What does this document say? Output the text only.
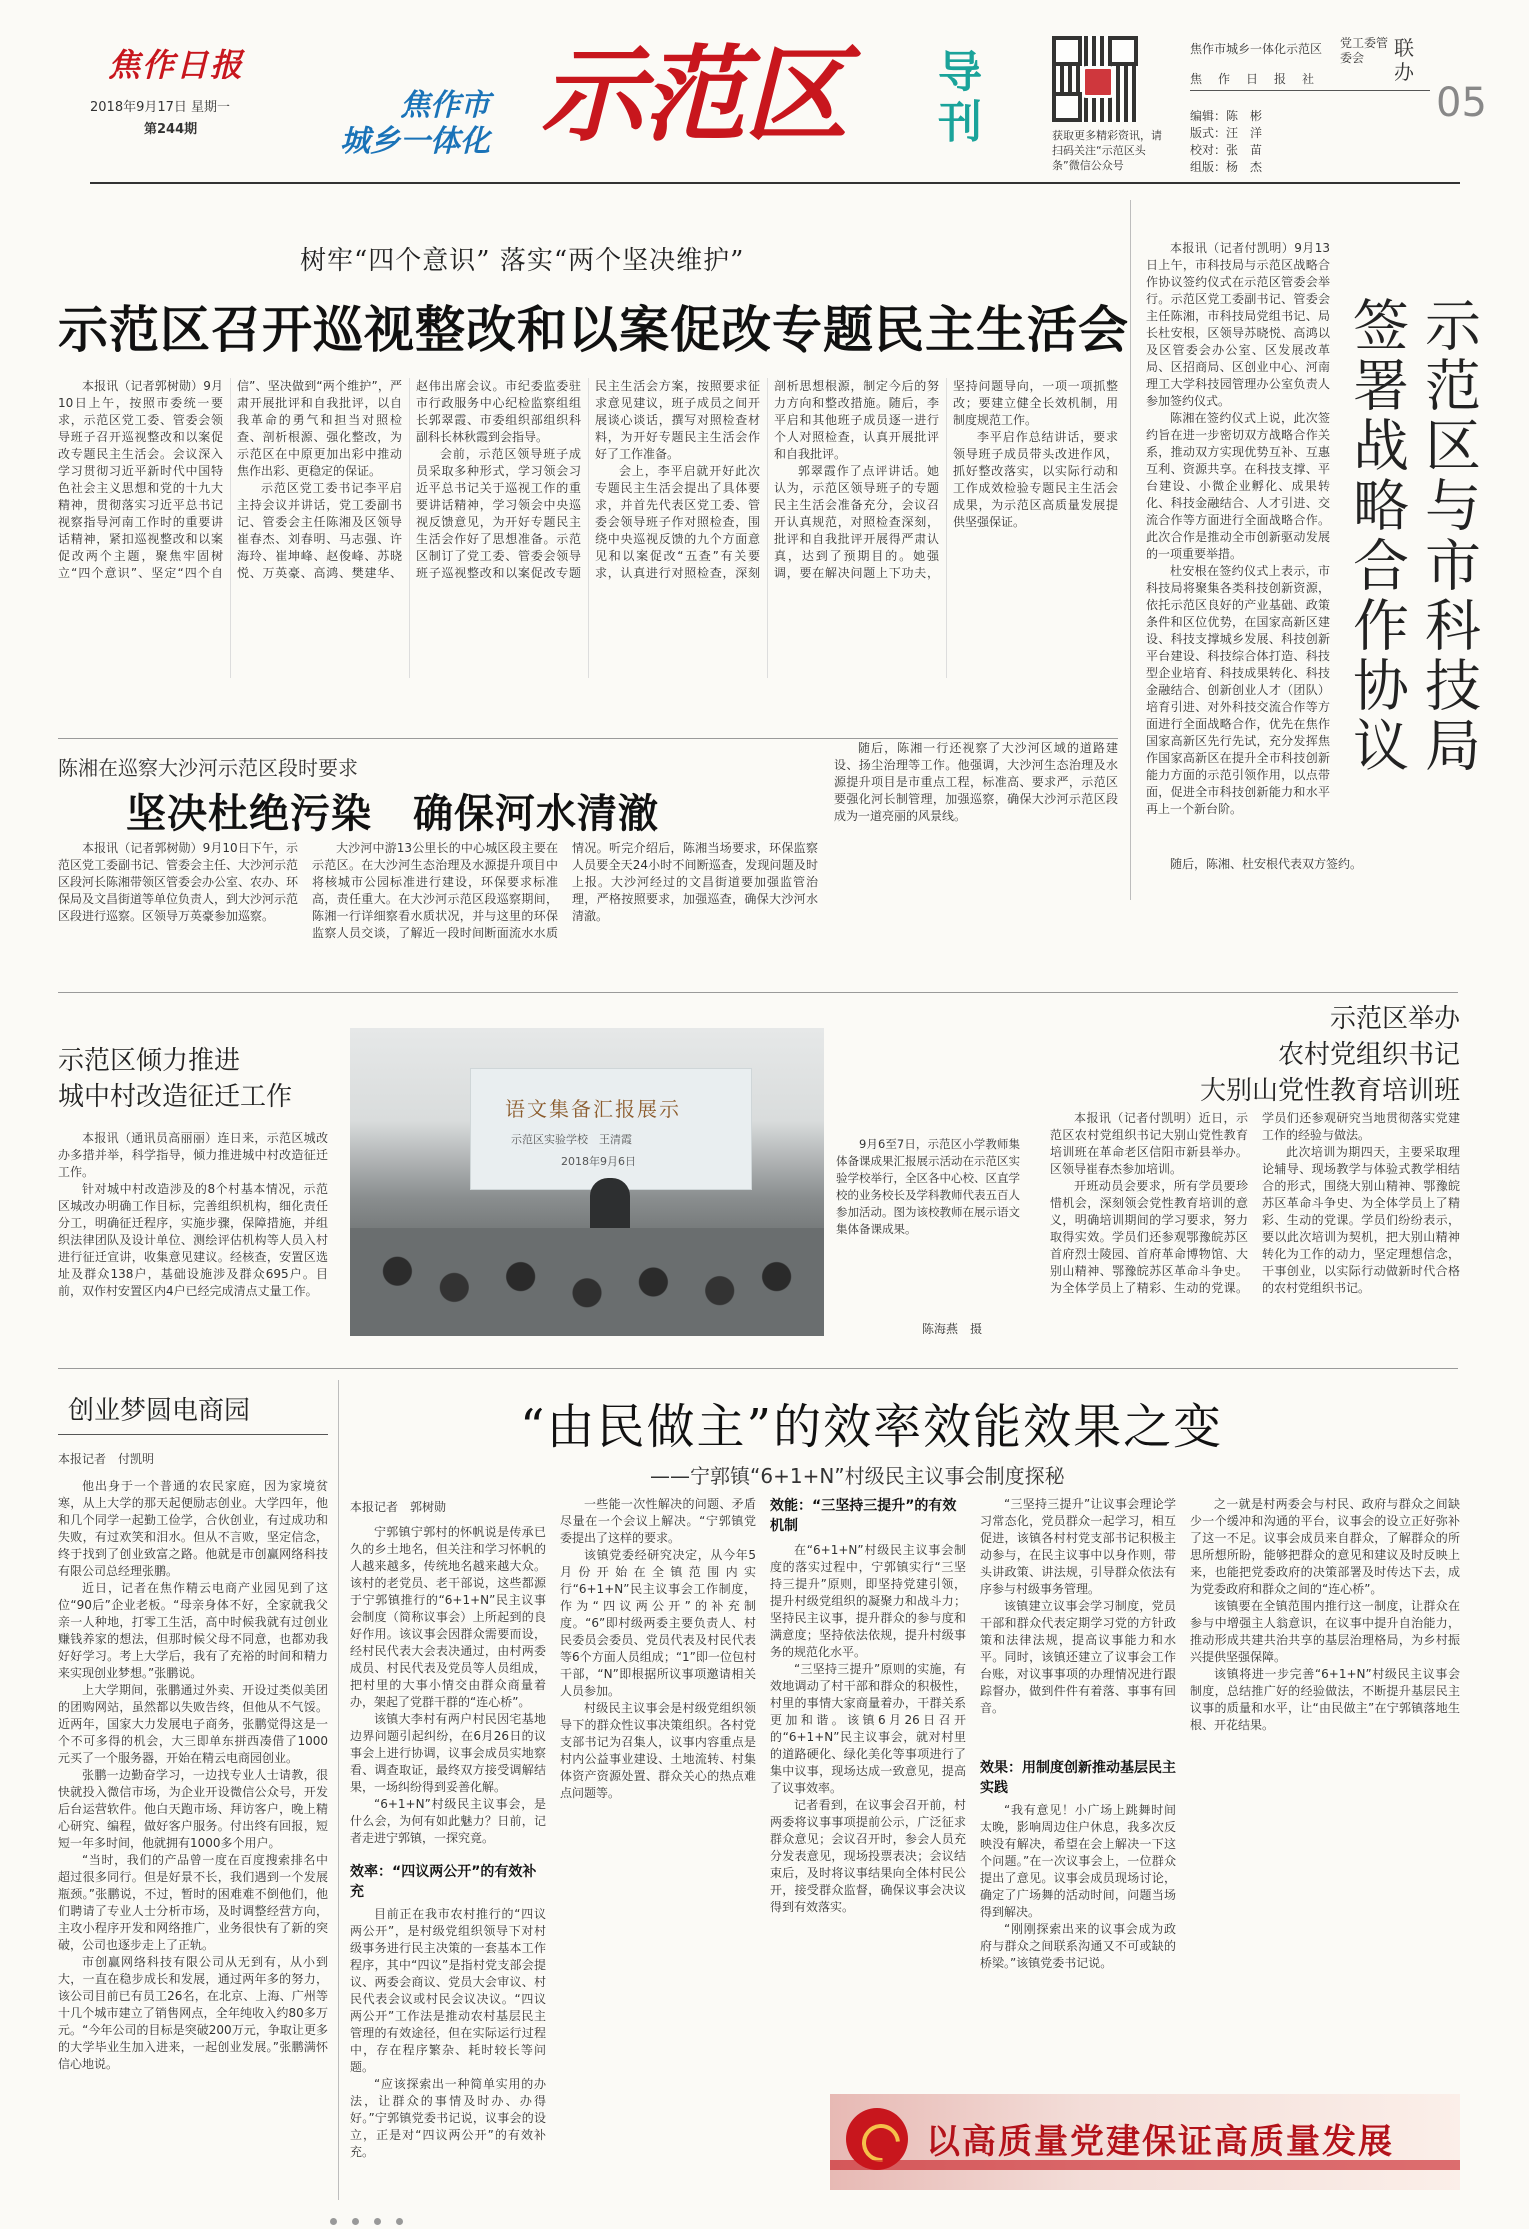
焦作日报
2018年9月17日 星期一
第244期
焦作市
城乡一体化 示范区 导刊	获取更多精彩资讯，请扫码关注“示范区头条”微信公众号
焦作市城乡一体化示范区 党工委管委会
焦　作　日　报　社
联办
05
编辑：陈　彬
版式：汪　洋
校对：张　苗
组版：杨　杰
树牢“四个意识” 落实“两个坚决维护”
示范区召开巡视整改和以案促改专题民主生活会

本报讯（记者郭树勋）9月10日上午，按照市委统一要求，示范区党工委、管委会领导班子召开巡视整改和以案促改专题民主生活会。会议深入学习贯彻习近平新时代中国特色社会主义思想和党的十九大精神，贯彻落实习近平总书记视察指导河南工作时的重要讲话精神，紧扣巡视整改和以案促改两个主题，聚焦牢固树立“四个意识”、坚定“四个自信”、坚决做到“两个维护”，严肃开展批评和自我批评，以自我革命的勇气和担当对照检查、剖析根源、强化整改，为示范区在中原更加出彩中推动焦作出彩、更稳定的保证。

示范区党工委书记李平启主持会议并讲话，党工委副书记、管委会主任陈湘及区领导崔春杰、刘春明、马志强、许海玲、崔坤峰、赵俊峰、苏晓悦、万英豪、高鸿、樊建华、赵伟出席会议。市纪委监委驻市行政服务中心纪检监察组组长郭翠霞、市委组织部组织科副科长林秋霞到会指导。

会前，示范区领导班子成员采取多种形式，学习领会习近平总书记关于巡视工作的重要讲话精神，学习领会中央巡视反馈意见，为开好专题民主生活会作好了思想准备。示范区制订了党工委、管委会领导班子巡视整改和以案促改专题民主生活会方案，按照要求征求意见建议，班子成员之间开展谈心谈话，撰写对照检查材料，为开好专题民主生活会作好了工作准备。

会上，李平启就开好此次专题民主生活会提出了具体要求，并首先代表区党工委、管委会领导班子作对照检查，围绕中央巡视反馈的九个方面意见和以案促改“五查”有关要求，认真进行对照检查，深刻剖析思想根源，制定今后的努力方向和整改措施。随后，李平启和其他班子成员逐一进行个人对照检查，认真开展批评和自我批评。

郭翠霞作了点评讲话。她认为，示范区领导班子的专题民主生活会准备充分，会议召开认真规范，对照检查深刻，批评和自我批评开展得严肃认真，达到了预期目的。她强调，要在解决问题上下功夫，坚持问题导向，一项一项抓整改；要建立健全长效机制，用制度规范工作。

李平启作总结讲话，要求领导班子成员带头改进作风，抓好整改落实，以实际行动和工作成效检验专题民主生活会成果，为示范区高质量发展提供坚强保证。	示范区与市科技局签署战略合作协议

本报讯（记者付凯明）9月13日上午，市科技局与示范区战略合作协议签约仪式在示范区管委会举行。示范区党工委副书记、管委会主任陈湘，市科技局党组书记、局长杜安根，区领导苏晓悦、高鸿以及区管委会办公室、区发展改革局、区招商局、区创业中心、河南理工大学科技园管理办公室负责人参加签约仪式。

陈湘在签约仪式上说，此次签约旨在进一步密切双方战略合作关系，推动双方实现优势互补、互惠互利、资源共享。在科技支撑、平台建设、小微企业孵化、成果转化、科技金融结合、人才引进、交流合作等方面进行全面战略合作。此次合作是推动全市创新驱动发展的一项重要举措。

杜安根在签约仪式上表示，市科技局将聚集各类科技创新资源，依托示范区良好的产业基础、政策条件和区位优势，在国家高新区建设、科技支撑城乡发展、科技创新平台建设、科技综合体打造、科技型企业培育、科技成果转化、科技金融结合、创新创业人才（团队）培育引进、对外科技交流合作等方面进行全面战略合作，优先在焦作国家高新区先行先试，充分发挥焦作国家高新区在提升全市科技创新能力方面的示范引领作用，以点带面，促进全市科技创新能力和水平再上一个新台阶。

随后，陈湘、杜安根代表双方签约。

陈湘在巡察大沙河示范区段时要求
坚决杜绝污染　确保河水清澈

本报讯（记者郭树勋）9月10日下午，示范区党工委副书记、管委会主任、大沙河示范区段河长陈湘带领区管委会办公室、农办、环保局及文昌街道等单位负责人，到大沙河示范区段进行巡察。区领导万英豪参加巡察。

大沙河中游13公里长的中心城区段主要在示范区。在大沙河生态治理及水源提升项目中将核城市公园标准进行建设，环保要求标准高，责任重大。在大沙河示范区段巡察期间，陈湘一行详细察看水质状况，并与这里的环保监察人员交谈，了解近一段时间断面流水水质情况。听完介绍后，陈湘当场要求，环保监察人员要全天24小时不间断巡查，发现问题及时上报。大沙河经过的文昌街道要加强监管治理，严格按照要求，加强巡查，确保大沙河水清澈。

随后，陈湘一行还视察了大沙河区域的道路建设、扬尘治理等工作。他强调，大沙河生态治理及水源提升项目是市重点工程，标准高、要求严，示范区要强化河长制管理，加强巡察，确保大沙河示范区段成为一道亮丽的风景线。

示范区倾力推进
城中村改造征迁工作

本报讯（通讯员高丽丽）连日来，示范区城改办多措并举，科学指导，倾力推进城中村改造征迁工作。

针对城中村改造涉及的8个村基本情况，示范区城改办明确工作目标，完善组织机构，细化责任分工，明确征迁程序，实施步骤，保障措施，并组织法律团队及设计单位、测绘评估机构等人员入村进行征迁宣讲，收集意见建议。经核查，安置区选址及群众138户，基础设施涉及群众695户。目前，双作村安置区内4户已经完成清点丈量工作。

语文集备汇报展示
示范区实验学校　王清霞
2018年9月6日

9月6至7日，示范区小学教师集体备课成果汇报展示活动在示范区实验学校举行，全区各中心校、区直学校的业务校长及学科教师代表五百人参加活动。图为该校教师在展示语文集体备课成果。

陈海燕　摄
示范区举办
农村党组织书记
大别山党性教育培训班

本报讯（记者付凯明）近日，示范区农村党组织书记大别山党性教育培训班在革命老区信阳市新县举办。区领导崔春杰参加培训。

开班动员会要求，所有学员要珍惜机会，深刻领会党性教育培训的意义，明确培训期间的学习要求，努力取得实效。学员们还参观鄂豫皖苏区首府烈士陵园、首府革命博物馆、大别山精神、鄂豫皖苏区革命斗争史。为全体学员上了精彩、生动的党课。学员们还参观研究当地贯彻落实党建工作的经验与做法。

此次培训为期四天，主要采取理论辅导、现场教学与体验式教学相结合的形式，围绕大别山精神、鄂豫皖苏区革命斗争史、为全体学员上了精彩、生动的党课。学员们纷纷表示，要以此次培训为契机，把大别山精神转化为工作的动力，坚定理想信念，干事创业，以实际行动做新时代合格的农村党组织书记。

创业梦圆电商园
本报记者　付凯明

他出身于一个普通的农民家庭，因为家境贫寒，从上大学的那天起便励志创业。大学四年，他和几个同学一起勤工俭学，合伙创业，有过成功和失败，有过欢笑和泪水。但从不言败，坚定信念，终于找到了创业致富之路。他就是市创赢网络科技有限公司总经理张鹏。

近日，记者在焦作精云电商产业园见到了这位“90后”企业老板。“母亲身体不好，全家就我父亲一人种地，打零工生活，高中时候我就有过创业赚钱养家的想法，但那时候父母不同意，也都劝我好好学习。考上大学后，我有了充裕的时间和精力来实现创业梦想。”张鹏说。

上大学期间，张鹏通过外卖、开设过类似美团的团购网站，虽然都以失败告终，但他从不气馁。近两年，国家大力发展电子商务，张鹏觉得这是一个不可多得的机会，大三即单东拼西凑借了1000元买了一个服务器，开始在精云电商园创业。

张鹏一边勤奋学习，一边找专业人士请教，很快就投入微信市场，为企业开设微信公众号，开发后台运营软件。他白天跑市场、拜访客户，晚上精心研究、编程，做好客户服务。付出终有回报，短短一年多时间，他就拥有1000多个用户。

“当时，我们的产品曾一度在百度搜索排名中超过很多同行。但是好景不长，我们遇到一个发展瓶颈。”张鹏说，不过，暂时的困难难不倒他们，他们聘请了专业人士分析市场，及时调整经营方向，主攻小程序开发和网络推广，业务很快有了新的突破，公司也逐步走上了正轨。

市创赢网络科技有限公司从无到有，从小到大，一直在稳步成长和发展，通过两年多的努力，该公司目前已有员工26名，在北京、上海、广州等十几个城市建立了销售网点，全年纯收入约80多万元。“今年公司的目标是突破200万元，争取让更多的大学毕业生加入进来，一起创业发展。”张鹏满怀信心地说。

“由民做主”的效率效能效果之变
——宁郭镇“6+1+N”村级民主议事会制度探秘
本报记者　郭树勋

宁郭镇宁郭村的怀帆说是传承已久的乡土地名，但关注和学习怀帆的人越来越多，传统地名越来越大众。该村的老党员、老干部说，这些都源于宁郭镇推行的“6+1+N”民主议事会制度（简称议事会）上所起到的良好作用。该议事会因群众需要而设，经村民代表大会表决通过，由村两委成员、村民代表及党员等人员组成，把村里的大事小情交由群众商量着办，架起了党群干群的“连心桥”。

该镇大李村有两户村民因宅基地边界问题引起纠纷，在6月26日的议事会上进行协调，议事会成员实地察看、调查取证，最终双方接受调解结果，一场纠纷得到妥善化解。

“6+1+N”村级民主议事会，是什么会，为何有如此魅力？日前，记者走进宁郭镇，一探究竟。

效率：“四议两公开”的有效补充

目前正在我市农村推行的“四议两公开”，是村级党组织领导下对村级事务进行民主决策的一套基本工作程序，其中“四议”是指村党支部会提议、两委会商议、党员大会审议、村民代表会议或村民会议决议。“四议两公开”工作法是推动农村基层民主管理的有效途径，但在实际运行过程中，存在程序繁杂、耗时较长等问题。

“应该探索出一种简单实用的办法，让群众的事情及时办、办得好。”宁郭镇党委书记说，议事会的设立，正是对“四议两公开”的有效补充。

一些能一次性解决的问题、矛盾尽量在一个会议上解决。“宁郭镇党委提出了这样的要求。

该镇党委经研究决定，从今年5月份开始在全镇范围内实行“6+1+N”民主议事会工作制度，作为“四议两公开”的补充制度。“6”即村级两委主要负责人、村民委员会委员、党员代表及村民代表等6个方面人员组成；“1”即一位包村干部，“N”即根据所议事项邀请相关人员参加。

村级民主议事会是村级党组织领导下的群众性议事决策组织。各村党支部书记为召集人，议事内容重点是村内公益事业建设、土地流转、村集体资产资源处置、群众关心的热点难点问题等。

效能：“三坚持三提升”的有效机制

在“6+1+N”村级民主议事会制度的落实过程中，宁郭镇实行“三坚持三提升”原则，即坚持党建引领，提升村级党组织的凝聚力和战斗力；坚持民主议事，提升群众的参与度和满意度；坚持依法依规，提升村级事务的规范化水平。

“三坚持三提升”原则的实施，有效地调动了村干部和群众的积极性，村里的事情大家商量着办，干群关系更加和谐。该镇6月26日召开的“6+1+N”民主议事会，就对村里的道路硬化、绿化美化等事项进行了集中议事，现场达成一致意见，提高了议事效率。

记者看到，在议事会召开前，村两委将议事事项提前公示，广泛征求群众意见；会议召开时，参会人员充分发表意见，现场投票表决；会议结束后，及时将议事结果向全体村民公开，接受群众监督，确保议事会决议得到有效落实。

“三坚持三提升”让议事会理论学习常态化，党员群众一起学习，相互促进，该镇各村村党支部书记积极主动参与，在民主议事中以身作则，带头讲政策、讲法规，引导群众依法有序参与村级事务管理。

该镇建立议事会学习制度，党员干部和群众代表定期学习党的方针政策和法律法规，提高议事能力和水平。同时，该镇还建立了议事会工作台账，对议事事项的办理情况进行跟踪督办，做到件件有着落、事事有回音。

效果：用制度创新推动基层民主实践

“我有意见！小广场上跳舞时间太晚，影响周边住户休息，我多次反映没有解决，希望在会上解决一下这个问题。”在一次议事会上，一位群众提出了意见。议事会成员现场讨论，确定了广场舞的活动时间，问题当场得到解决。

“刚刚探索出来的议事会成为政府与群众之间联系沟通又不可或缺的桥梁。”该镇党委书记说。

之一就是村两委会与村民、政府与群众之间缺少一个缓冲和沟通的平台，议事会的设立正好弥补了这一不足。议事会成员来自群众，了解群众的所思所想所盼，能够把群众的意见和建议及时反映上来，也能把党委政府的决策部署及时传达下去，成为党委政府和群众之间的“连心桥”。

该镇要在全镇范围内推行这一制度，让群众在参与中增强主人翁意识，在议事中提升自治能力，推动形成共建共治共享的基层治理格局，为乡村振兴提供坚强保障。

该镇将进一步完善“6+1+N”村级民主议事会制度，总结推广好的经验做法，不断提升基层民主议事的质量和水平，让“由民做主”在宁郭镇落地生根、开花结果。

以高质量党建保证高质量发展
